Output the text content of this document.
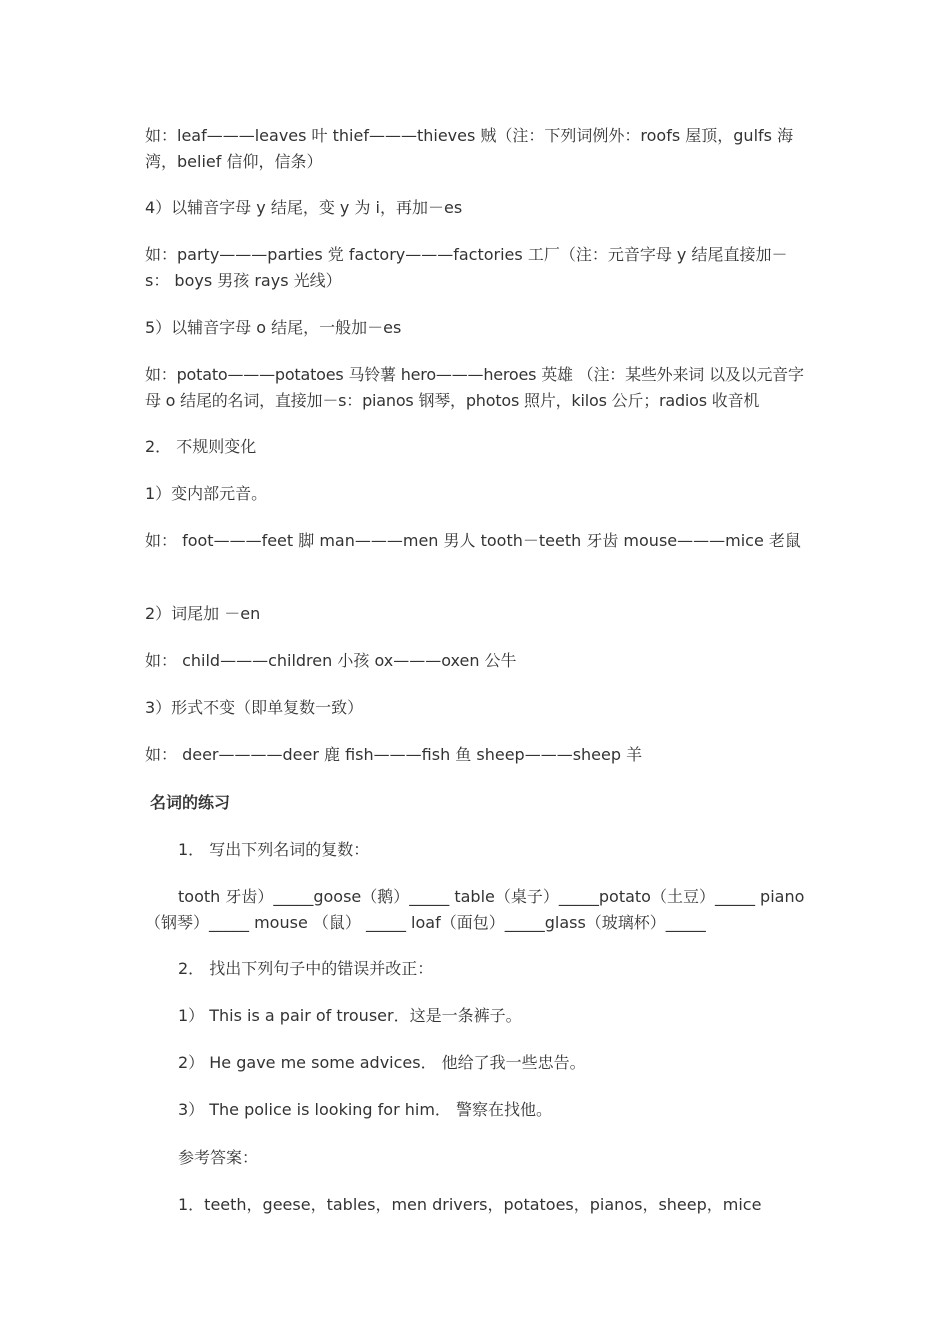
如：leaf———leaves 叶 thief———thieves 贼（注：下列词例外：roofs 屋顶，gulfs 海湾，belief 信仰，信条）
4）以辅音字母 y 结尾，变 y 为 i，再加－es
如：party———parties 党 factory———factories 工厂（注：元音字母 y 结尾直接加－s： boys 男孩 rays 光线）
5）以辅音字母 o 结尾，一般加－es
如：potato———potatoes 马铃薯 hero———heroes 英雄 （注：某些外来词 以及以元音字母 o 结尾的名词，直接加－s：pianos 钢琴，photos 照片，kilos 公斤；radios 收音机
2． 不规则变化
1）变内部元音。
如： foot———feet 脚 man———men 男人 tooth－teeth 牙齿 mouse———mice 老鼠
2）词尾加 －en
如： child———children 小孩 ox———oxen 公牛
3）形式不变（即单复数一致）
如： deer————deer 鹿 fish———fish 鱼 sheep———sheep 羊
名词的练习
1． 写出下列名词的复数：
tooth 牙齿）_____goose（鹅）_____ table（桌子）_____potato（土豆）_____ piano（钢琴）_____ mouse （鼠） _____ loaf（面包）_____glass（玻璃杯）_____
2． 找出下列句子中的错误并改正：
1） This is a pair of trouser．这是一条裤子。
2） He gave me some advices． 他给了我一些忠告。
3） The police is looking for him． 警察在找他。
参考答案：
1．teeth，geese，tables，men drivers，potatoes，pianos，sheep，mice
